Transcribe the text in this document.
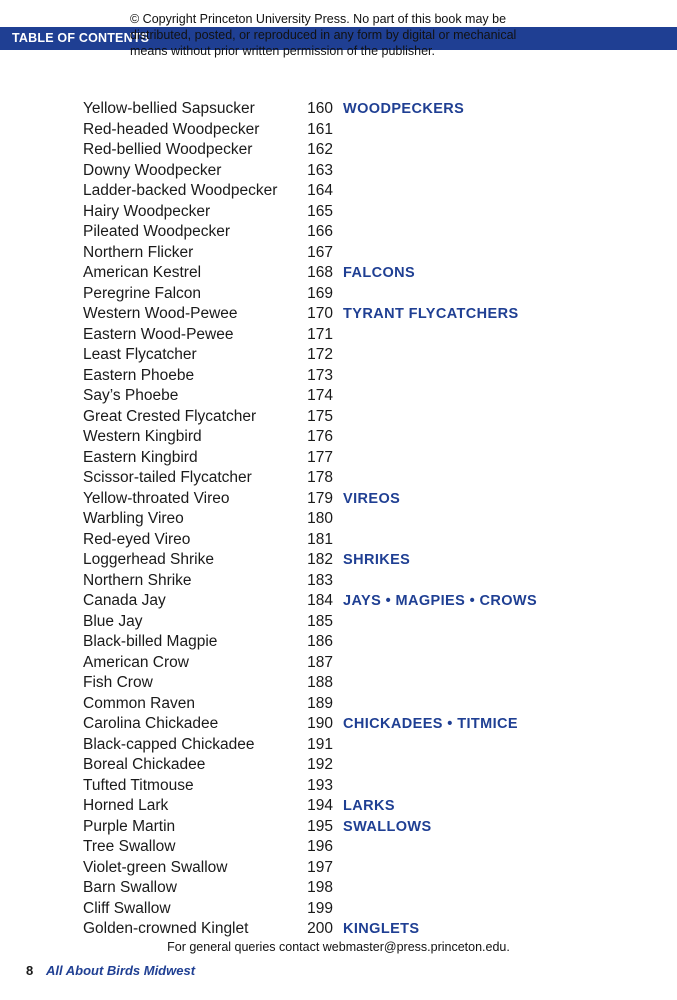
TABLE OF CONTENTS
© Copyright Princeton University Press. No part of this book may be distributed, posted, or reproduced in any form by digital or mechanical means without prior written permission of the publisher.
Yellow-bellied Sapsucker	160 WOODPECKERS
Red-headed Woodpecker	161
Red-bellied Woodpecker	162
Downy Woodpecker	163
Ladder-backed Woodpecker	164
Hairy Woodpecker	165
Pileated Woodpecker	166
Northern Flicker	167
American Kestrel	168 FALCONS
Peregrine Falcon	169
Western Wood-Pewee	170 TYRANT FLYCATCHERS
Eastern Wood-Pewee	171
Least Flycatcher	172
Eastern Phoebe	173
Say’s Phoebe	174
Great Crested Flycatcher	175
Western Kingbird	176
Eastern Kingbird	177
Scissor-tailed Flycatcher	178
Yellow-throated Vireo	179 VIREOS
Warbling Vireo	180
Red-eyed Vireo	181
Loggerhead Shrike	182 SHRIKES
Northern Shrike	183
Canada Jay	184 JAYS • MAGPIES • CROWS
Blue Jay	185
Black-billed Magpie	186
American Crow	187
Fish Crow	188
Common Raven	189
Carolina Chickadee	190 CHICKADEES • TITMICE
Black-capped Chickadee	191
Boreal Chickadee	192
Tufted Titmouse	193
Horned Lark	194 LARKS
Purple Martin	195 SWALLOWS
Tree Swallow	196
Violet-green Swallow	197
Barn Swallow	198
Cliff Swallow	199
Golden-crowned Kinglet	200 KINGLETS
For general queries contact webmaster@press.princeton.edu.
8 All About Birds Midwest
